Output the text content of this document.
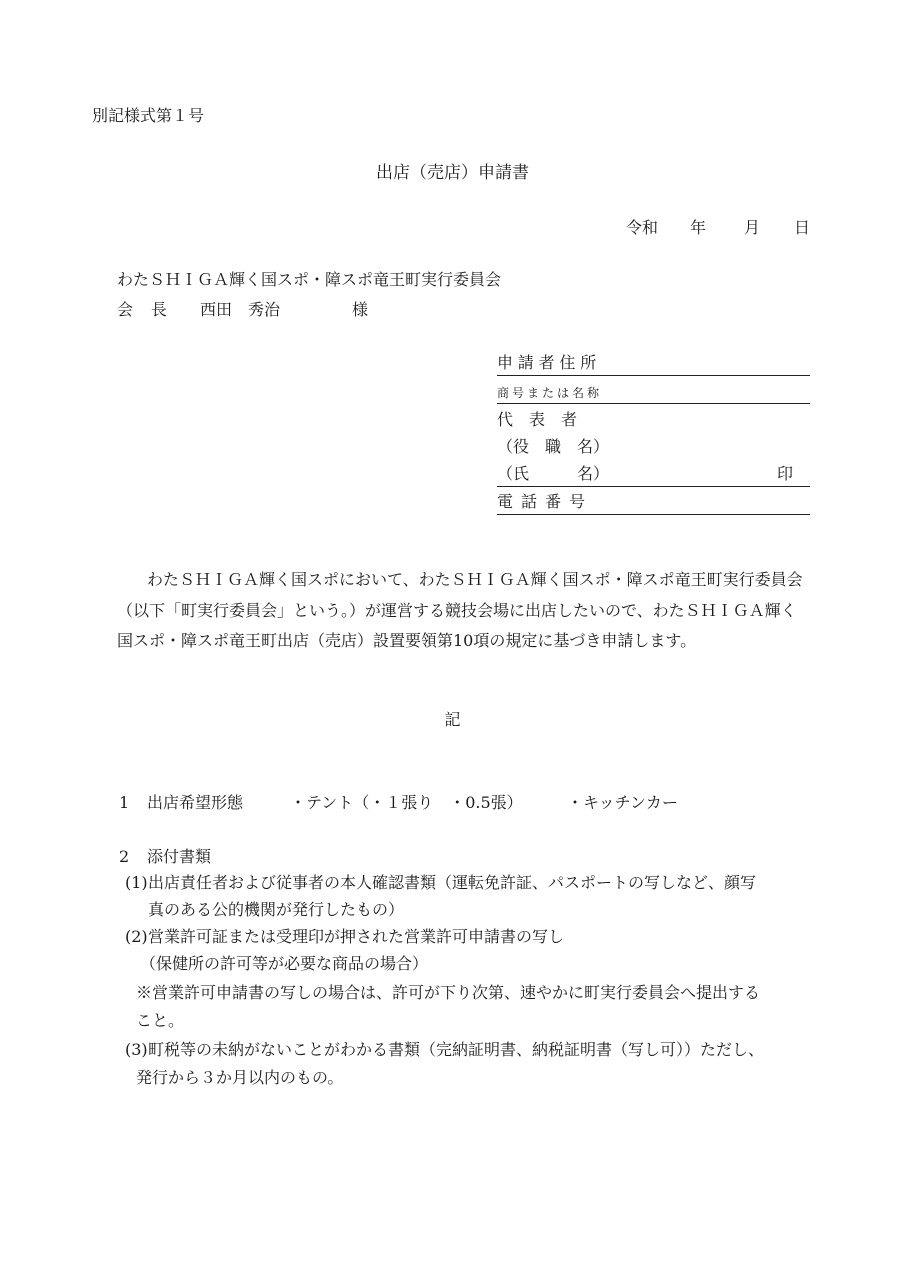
別記様式第１号
出店（売店）申請書
令和 年 月 日
わたＳＨＩＧＡ輝く国スポ・障スポ竜王町実行委員会
会 長 西田　秀治	様
申請者住所
商号または名称
代　表　者
（役　職　名）
（氏　　　名）	印
電話番号
わたＳＨＩＧＡ輝く国スポにおいて、わたＳＨＩＧＡ輝く国スポ・障スポ竜王町実行委員会
（以下「町実行委員会」という。）が運営する競技会場に出店したいので、わたＳＨＩＧＡ輝く
国スポ・障スポ竜王町出店（売店）設置要領第10項の規定に基づき申請します。
記
1 出店希望形態	・テント（・１張り　・0.5張）	・キッチンカー
2 添付書類
(1) 出店責任者および従事者の本人確認書類（運転免許証、パスポートの写しなど、顔写
真のある公的機関が発行したもの）
(2) 営業許可証または受理印が押された営業許可申請書の写し
（保健所の許可等が必要な商品の場合）
※営業許可申請書の写しの場合は、許可が下り次第、速やかに町実行委員会へ提出する
こと。
(3) 町税等の未納がないことがわかる書類（完納証明書、納税証明書（写し可））ただし、
発行から３か月以内のもの。
